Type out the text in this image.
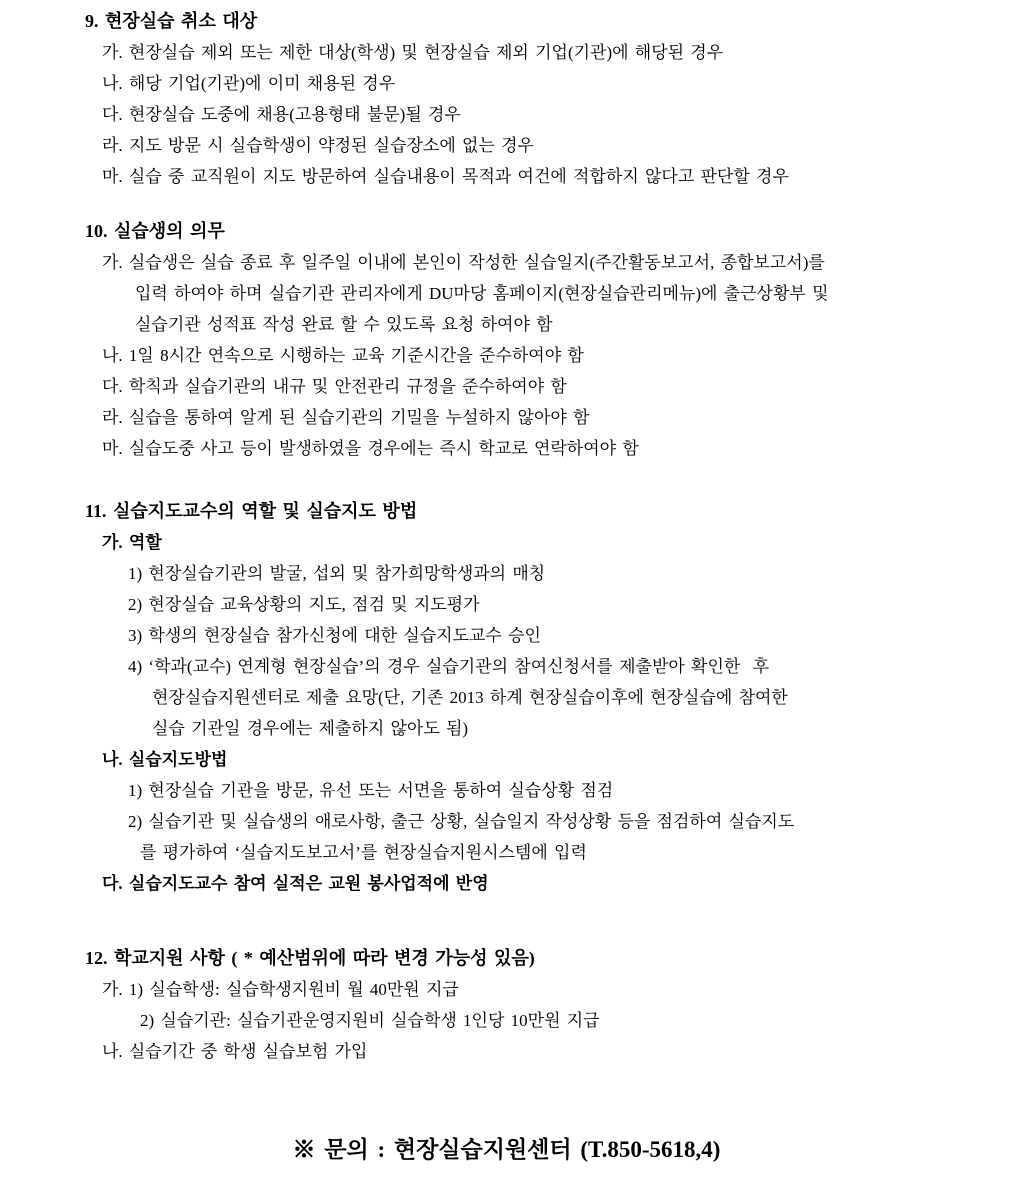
9. 현장실습 취소 대상
가. 현장실습 제외 또는 제한 대상(학생) 및 현장실습 제외 기업(기관)에 해당된 경우
나. 해당 기업(기관)에 이미 채용된 경우
다. 현장실습 도중에 채용(고용형태 불문)될 경우
라. 지도 방문 시 실습학생이 약정된 실습장소에 없는 경우
마. 실습 중 교직원이 지도 방문하여 실습내용이 목적과 여건에 적합하지 않다고 판단할 경우
10. 실습생의 의무
가. 실습생은 실습 종료 후 일주일 이내에 본인이 작성한 실습일지(주간활동보고서, 종합보고서)를
입력 하여야 하며 실습기관 관리자에게 DU마당 홈페이지(현장실습관리메뉴)에 출근상황부 및
실습기관 성적표 작성 완료 할 수 있도록 요청 하여야 함
나. 1일 8시간 연속으로 시행하는 교육 기준시간을 준수하여야 함
다. 학칙과 실습기관의 내규 및 안전관리 규정을 준수하여야 함
라. 실습을 통하여 알게 된 실습기관의 기밀을 누설하지 않아야 함
마. 실습도중 사고 등이 발생하였을 경우에는 즉시 학교로 연락하여야 함
11. 실습지도교수의 역할 및 실습지도 방법
가. 역할
1) 현장실습기관의 발굴, 섭외 및 참가희망학생과의 매칭
2) 현장실습 교육상황의 지도, 점검 및 지도평가
3) 학생의 현장실습 참가신청에 대한 실습지도교수 승인
4) ‘학과(교수) 연계형 현장실습’의 경우 실습기관의 참여신청서를 제출받아 확인한  후
현장실습지원센터로 제출 요망(단, 기존 2013 하계 현장실습이후에 현장실습에 참여한
실습 기관일 경우에는 제출하지 않아도 됨)
나. 실습지도방법
1) 현장실습 기관을 방문, 유선 또는 서면을 통하여 실습상황 점검
2) 실습기관 및 실습생의 애로사항, 출근 상황, 실습일지 작성상황 등을 점검하여 실습지도
를 평가하여 ‘실습지도보고서’를 현장실습지원시스템에 입력
다. 실습지도교수 참여 실적은 교원 봉사업적에 반영
12. 학교지원 사항 ( * 예산범위에 따라 변경 가능성 있음)
가. 1) 실습학생: 실습학생지원비 월 40만원 지급
2) 실습기관: 실습기관운영지원비 실습학생 1인당 10만원 지급
나. 실습기간 중 학생 실습보험 가입
※ 문의 : 현장실습지원센터 (T.850-5618,4)
